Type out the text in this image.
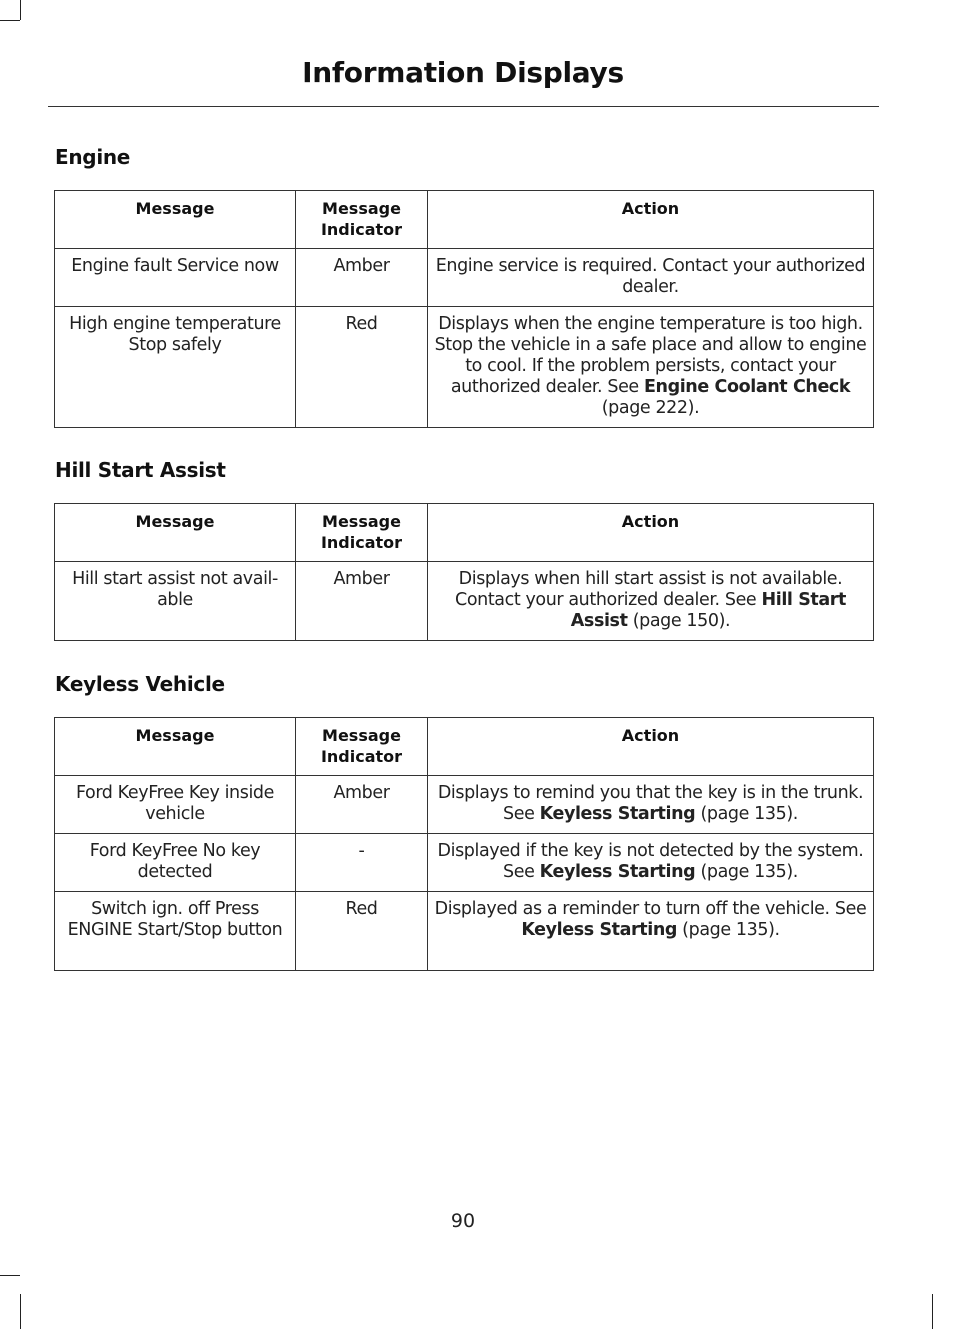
Information Displays
Engine
Message	Message Indicator	Action
Engine fault Service now	Amber	Engine service is required. Contact your authorized dealer.
High engine temperature Stop safely	Red	Displays when the engine temperature is too high. Stop the vehicle in a safe place and allow to engine to cool. If the problem persists, contact your authorized dealer. See Engine Coolant Check (page 222).
Hill Start Assist
Message	Message Indicator	Action
Hill start assist not avail-able	Amber	Displays when hill start assist is not available. Contact your authorized dealer. See Hill Start Assist (page 150).
Keyless Vehicle
Message	Message Indicator	Action
Ford KeyFree Key inside vehicle	Amber	Displays to remind you that the key is in the trunk. See Keyless Starting (page 135).
Ford KeyFree No key detected	-	Displayed if the key is not detected by the system. See Keyless Starting (page 135).
Switch ign. off Press ENGINE Start/Stop button	Red	Displayed as a reminder to turn off the vehicle. See Keyless Starting (page 135).
90
